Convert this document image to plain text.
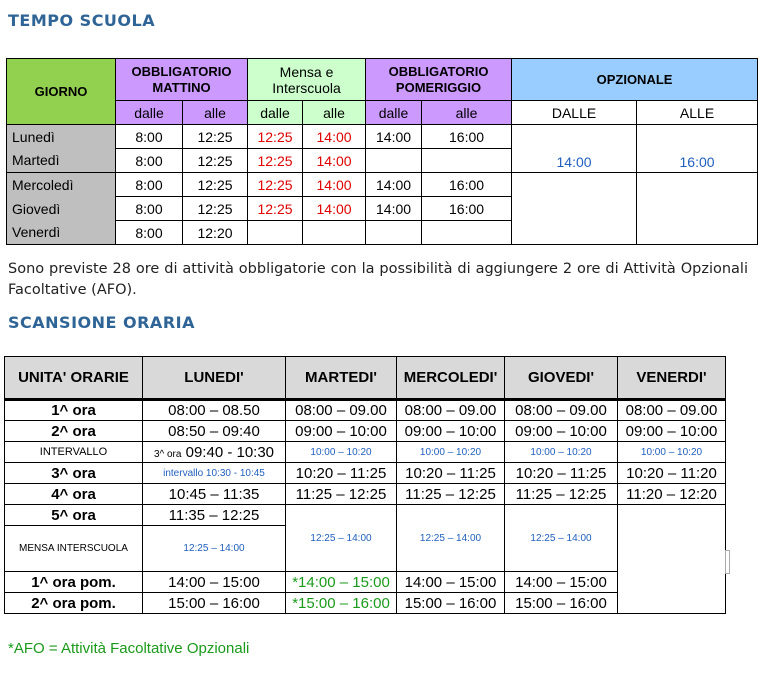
TEMPO SCUOLA
GIORNO	OBBLIGATORIO MATTINO		Mensa e Interscuola		OBBLIGATORIO POMERIGGIO		OPZIONALE	
	dalle	alle	dalle	alle	dalle	alle	DALLE	ALLE
Lunedì	8:00	12:25	12:25	14:00	14:00	16:00	14:00	16:00
Martedì	8:00	12:25	12:25	14:00				
Mercoledì	8:00	12:25	12:25	14:00	14:00	16:00		
Giovedì	8:00	12:25	12:25	14:00	14:00	16:00		
Venerdì	8:00	12:20						
Sono previste 28 ore di attività obbligatorie con la possibilità di aggiungere 2 ore di Attività Opzionali Facoltative (AFO).
SCANSIONE ORARIA
UNITA' ORARIE	LUNEDI'	MARTEDI'	MERCOLEDI'	GIOVEDI'	VENERDI'
1^ ora	08:00 – 08.50	08:00 – 09.00	08:00 – 09.00	08:00 – 09.00	08:00 – 09.00
2^ ora	08:50 – 09:40	09:00 – 10:00	09:00 – 10:00	09:00 – 10:00	09:00 – 10:00
INTERVALLO	3^ ora 09:40 - 10:30	10:00 – 10:20	10:00 – 10:20	10:00 – 10:20	10:00 – 10:20
3^ ora	intervallo 10:30 - 10:45	10:20 – 11:25	10:20 – 11:25	10:20 – 11:25	10:20 – 11:20
4^ ora	10:45 – 11:35	11:25 – 12:25	11:25 – 12:25	11:25 – 12:25	11:20 – 12:20
5^ ora	11:35 – 12:25	12:25 – 14:00	12:25 – 14:00	12:25 – 14:00	
MENSA INTERSCUOLA	12:25 – 14:00				
1^ ora pom.	14:00 – 15:00	*14:00 – 15:00	14:00 – 15:00	14:00 – 15:00	
2^ ora pom.	15:00 – 16:00	*15:00 – 16:00	15:00 – 16:00	15:00 – 16:00	
*AFO = Attività Facoltative Opzionali
